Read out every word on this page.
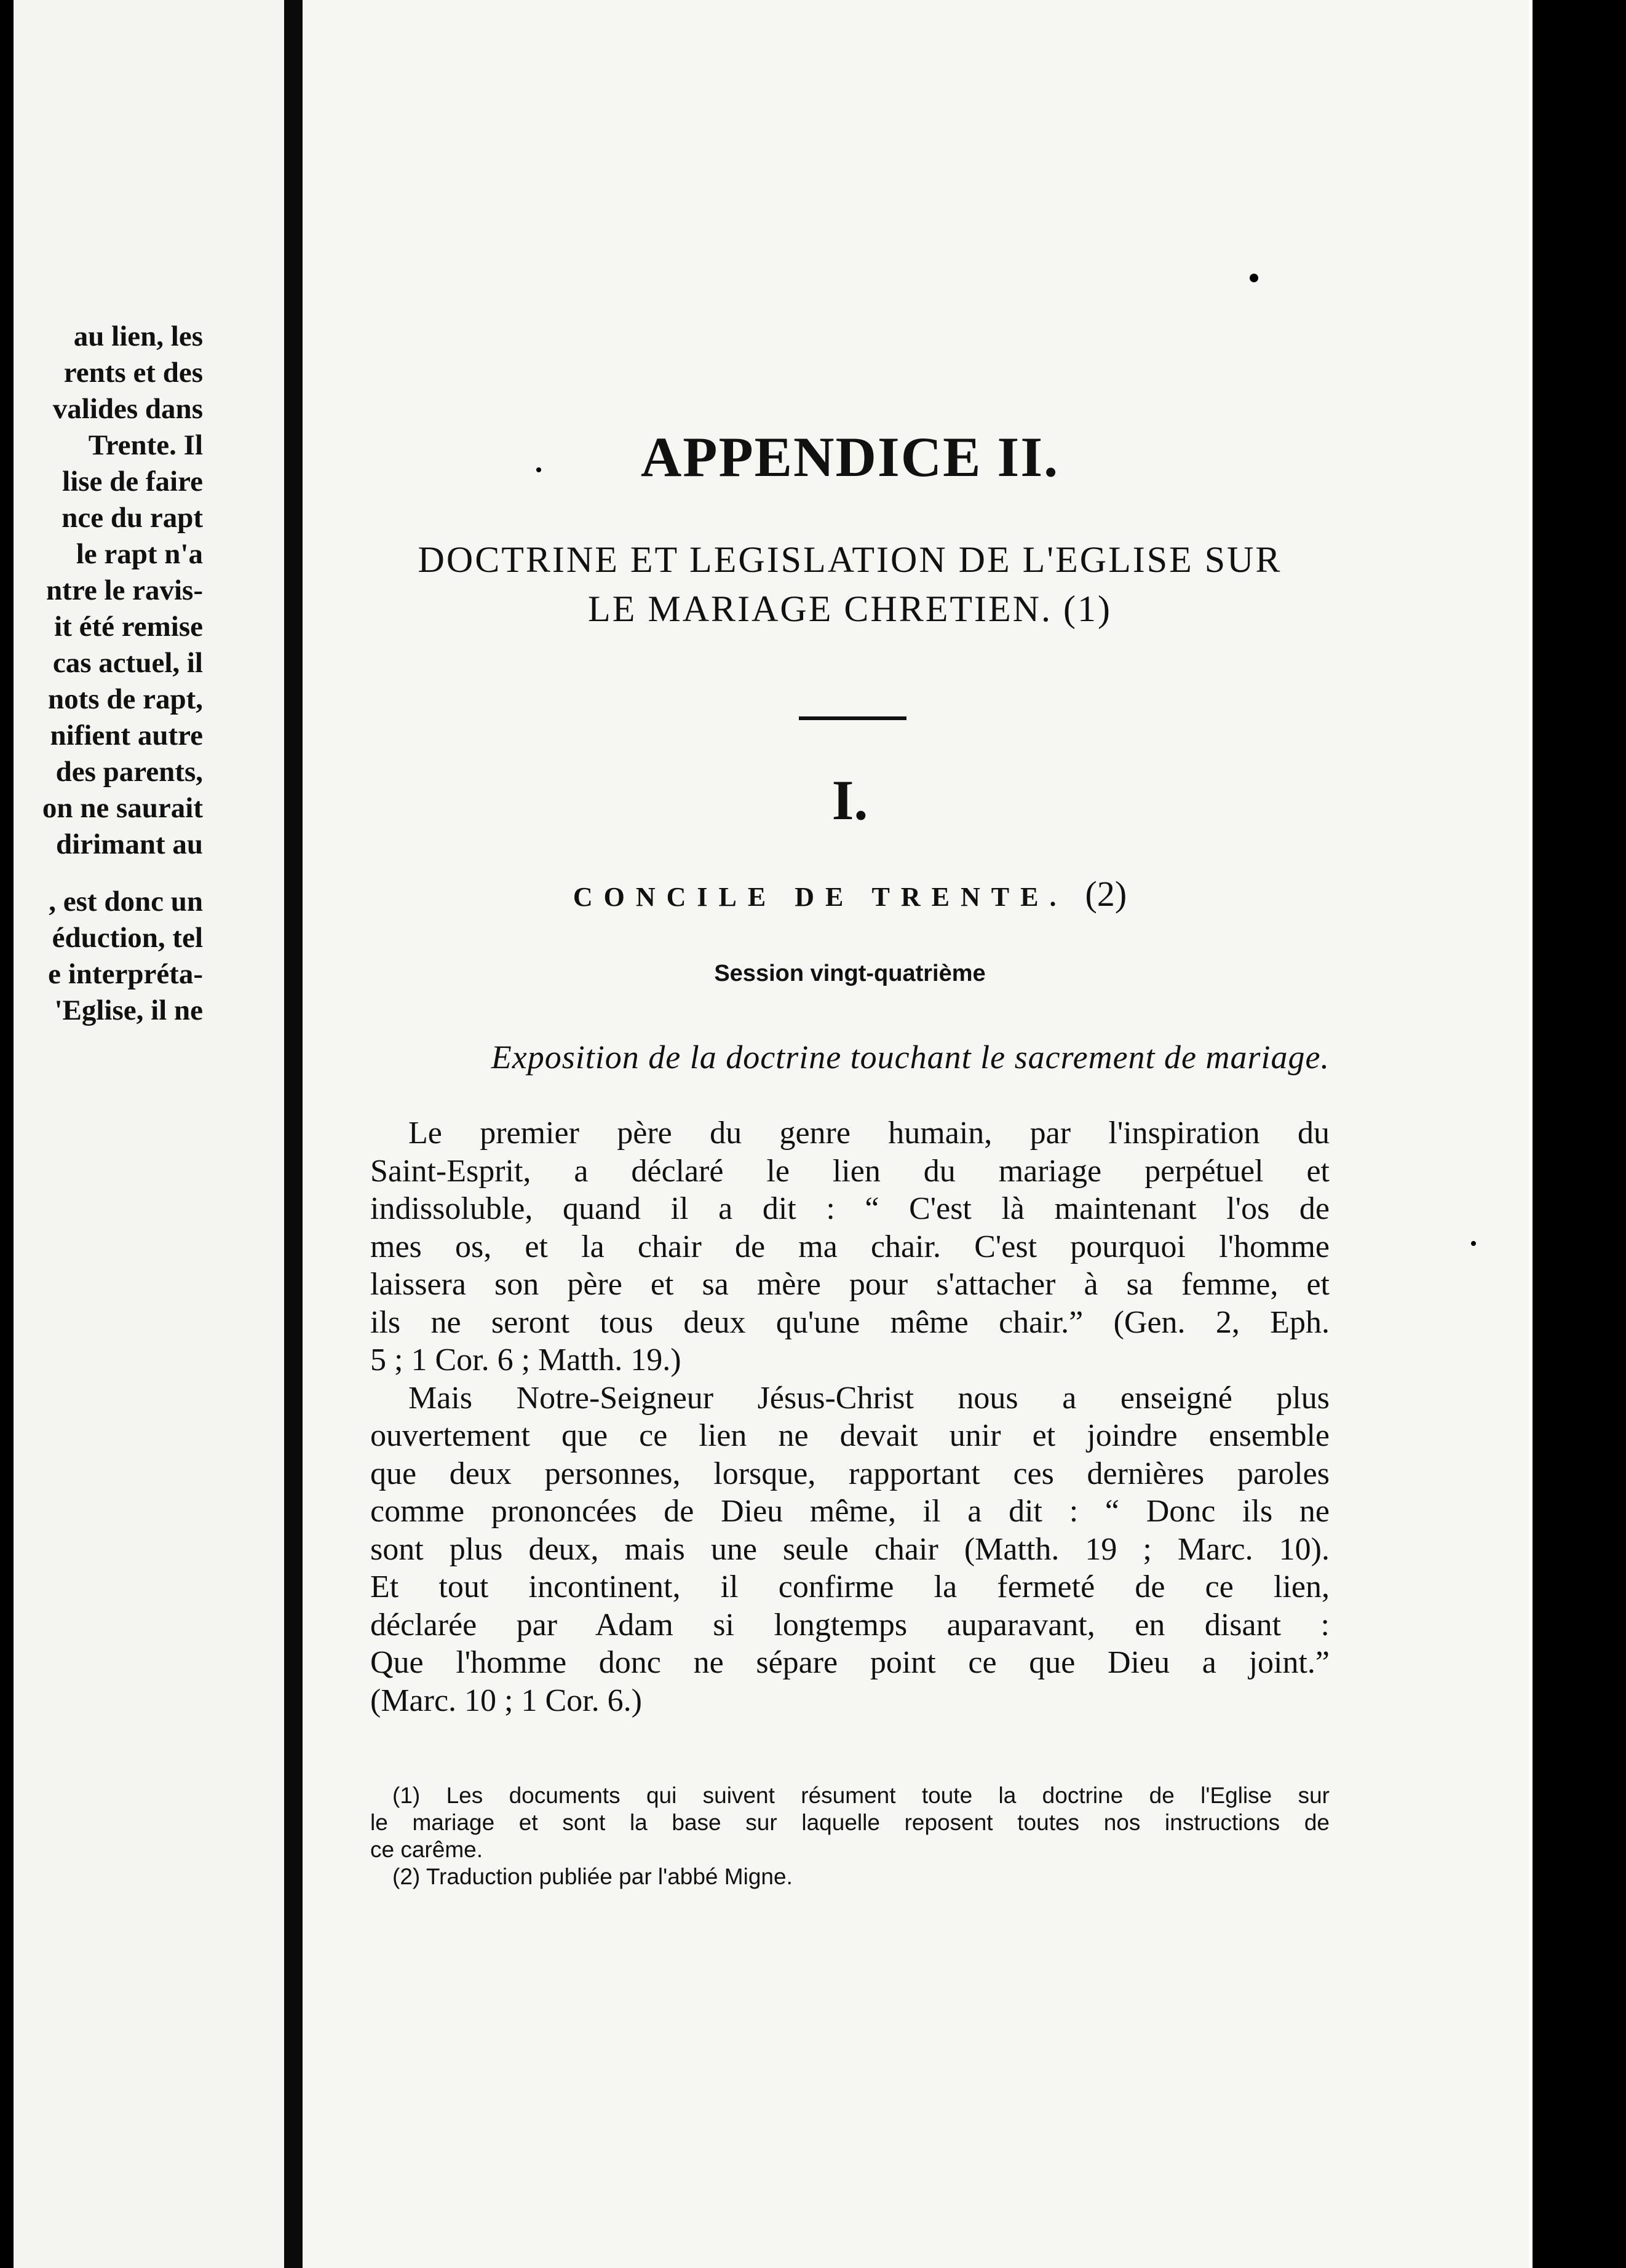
au lien, les
rents et des
valides dans
Trente. Il
lise de faire
nce du rapt
le rapt n'a
ntre le ravis-
it été remise
cas actuel, il
nots de rapt,
nifient autre
des parents,
on ne saurait
dirimant au
, est donc un
éduction, tel
e interpréta-
'Eglise, il ne
APPENDICE II.
DOCTRINE ET LEGISLATION DE L'EGLISE SUR
LE MARIAGE CHRETIEN. (1)
I.
CONCILE DE TRENTE. (2)
Session vingt-quatrième
Exposition de la doctrine touchant le sacrement de mariage.
Le premier père du genre humain, par l'inspiration du
Saint-Esprit, a déclaré le lien du mariage perpétuel et
indissoluble, quand il a dit : “ C'est là maintenant l'os de
mes os, et la chair de ma chair. C'est pourquoi l'homme
laissera son père et sa mère pour s'attacher à sa femme, et
ils ne seront tous deux qu'une même chair.” (Gen. 2, Eph.
5 ; 1 Cor. 6 ; Matth. 19.)
Mais Notre-Seigneur Jésus-Christ nous a enseigné plus
ouvertement que ce lien ne devait unir et joindre ensemble
que deux personnes, lorsque, rapportant ces dernières paroles
comme prononcées de Dieu même, il a dit : “ Donc ils ne
sont plus deux, mais une seule chair (Matth. 19 ; Marc. 10).
Et tout incontinent, il confirme la fermeté de ce lien,
déclarée par Adam si longtemps auparavant, en disant :
Que l'homme donc ne sépare point ce que Dieu a joint.”
(Marc. 10 ; 1 Cor. 6.)
(1) Les documents qui suivent résument toute la doctrine de l'Eglise sur
le mariage et sont la base sur laquelle reposent toutes nos instructions de
ce carême.
(2) Traduction publiée par l'abbé Migne.
